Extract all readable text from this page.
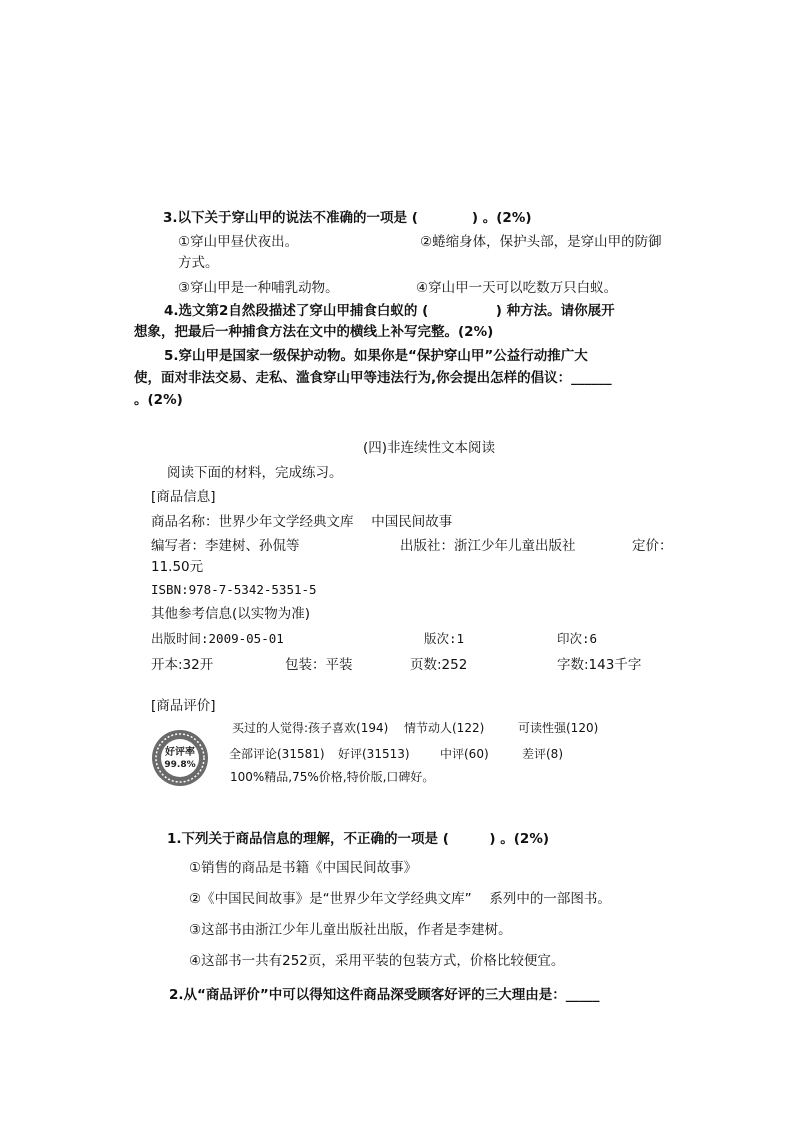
3.以下关于穿山甲的说法不准确的一项是 (　　　　) 。(2%)
①穿山甲昼伏夜出。	②蜷缩身体，保护头部，是穿山甲的防御
方式。
③穿山甲是一种哺乳动物。	④穿山甲一天可以吃数万只白蚁。
4.选文第2自然段描述了穿山甲捕食白蚁的 (　　　　　) 种方法。请你展开
想象，把最后一种捕食方法在文中的横线上补写完整。(2%)
5.穿山甲是国家一级保护动物。如果你是“保护穿山甲”公益行动推广大
使，面对非法交易、走私、滥食穿山甲等违法行为,你会提出怎样的倡议：______
。(2%)
(四)非连续性文本阅读
阅读下面的材料，完成练习。
[商品信息]
商品名称：世界少年文学经典文库　 中国民间故事
编写者：李建树、孙侃等	出版社：浙江少年儿童出版社	定价：
11.50元
ISBN:978-7-5342-5351-5
其他参考信息(以实物为准)
出版时间:2009-05-01	版次:1	印次:6
开本:32开	包装：平装	页数:252	字数:143千字
[商品评价]
好评率
99.8%
买过的人觉得:孩子喜欢(194) 情节动人(122)	可读性强(120)
全部评论(31581) 好评(31513)	中评(60)	差评(8)
100%精品,75%价格,特价版,口碑好。
1.下列关于商品信息的理解，不正确的一项是 (　　　) 。(2%)
①销售的商品是书籍《中国民间故事》
②《中国民间故事》是“世界少年文学经典文库”　 系列中的一部图书。
③这部书由浙江少年儿童出版社出版，作者是李建树。
④这部书一共有252页，采用平装的包装方式，价格比较便宜。
2.从“商品评价”中可以得知这件商品深受顾客好评的三大理由是：_____
